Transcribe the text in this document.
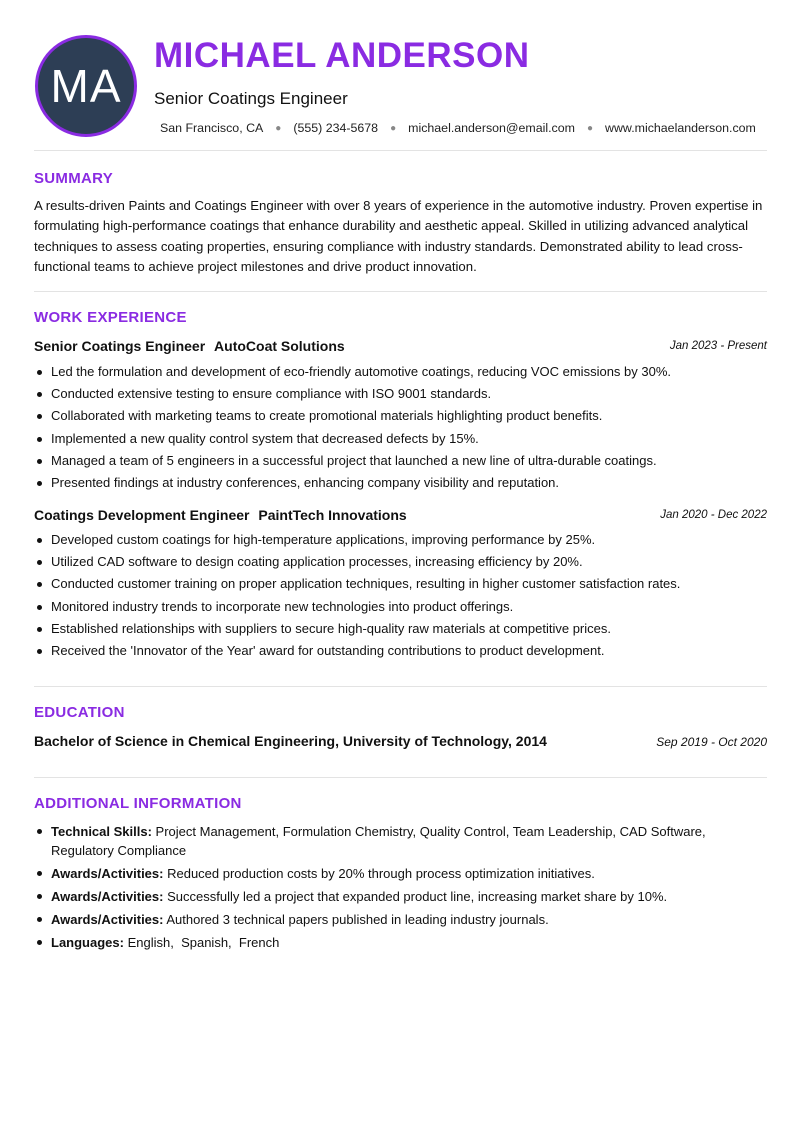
MA
MICHAEL ANDERSON
Senior Coatings Engineer
San Francisco, CA ● (555) 234-5678 ● michael.anderson@email.com ● www.michaelanderson.com
SUMMARY
A results-driven Paints and Coatings Engineer with over 8 years of experience in the automotive industry. Proven expertise in formulating high-performance coatings that enhance durability and aesthetic appeal. Skilled in utilizing advanced analytical techniques to assess coating properties, ensuring compliance with industry standards. Demonstrated ability to lead cross-functional teams to achieve project milestones and drive product innovation.
WORK EXPERIENCE
Senior Coatings Engineer AutoCoat Solutions	Jan 2023 - Present
Led the formulation and development of eco-friendly automotive coatings, reducing VOC emissions by 30%.
Conducted extensive testing to ensure compliance with ISO 9001 standards.
Collaborated with marketing teams to create promotional materials highlighting product benefits.
Implemented a new quality control system that decreased defects by 15%.
Managed a team of 5 engineers in a successful project that launched a new line of ultra-durable coatings.
Presented findings at industry conferences, enhancing company visibility and reputation.
Coatings Development Engineer PaintTech Innovations	Jan 2020 - Dec 2022
Developed custom coatings for high-temperature applications, improving performance by 25%.
Utilized CAD software to design coating application processes, increasing efficiency by 20%.
Conducted customer training on proper application techniques, resulting in higher customer satisfaction rates.
Monitored industry trends to incorporate new technologies into product offerings.
Established relationships with suppliers to secure high-quality raw materials at competitive prices.
Received the 'Innovator of the Year' award for outstanding contributions to product development.
EDUCATION
Bachelor of Science in Chemical Engineering, University of Technology, 2014	Sep 2019 - Oct 2020
ADDITIONAL INFORMATION
Technical Skills: Project Management, Formulation Chemistry, Quality Control, Team Leadership, CAD Software, Regulatory Compliance
Awards/Activities: Reduced production costs by 20% through process optimization initiatives.
Awards/Activities: Successfully led a project that expanded product line, increasing market share by 10%.
Awards/Activities: Authored 3 technical papers published in leading industry journals.
Languages: English,  Spanish,  French
